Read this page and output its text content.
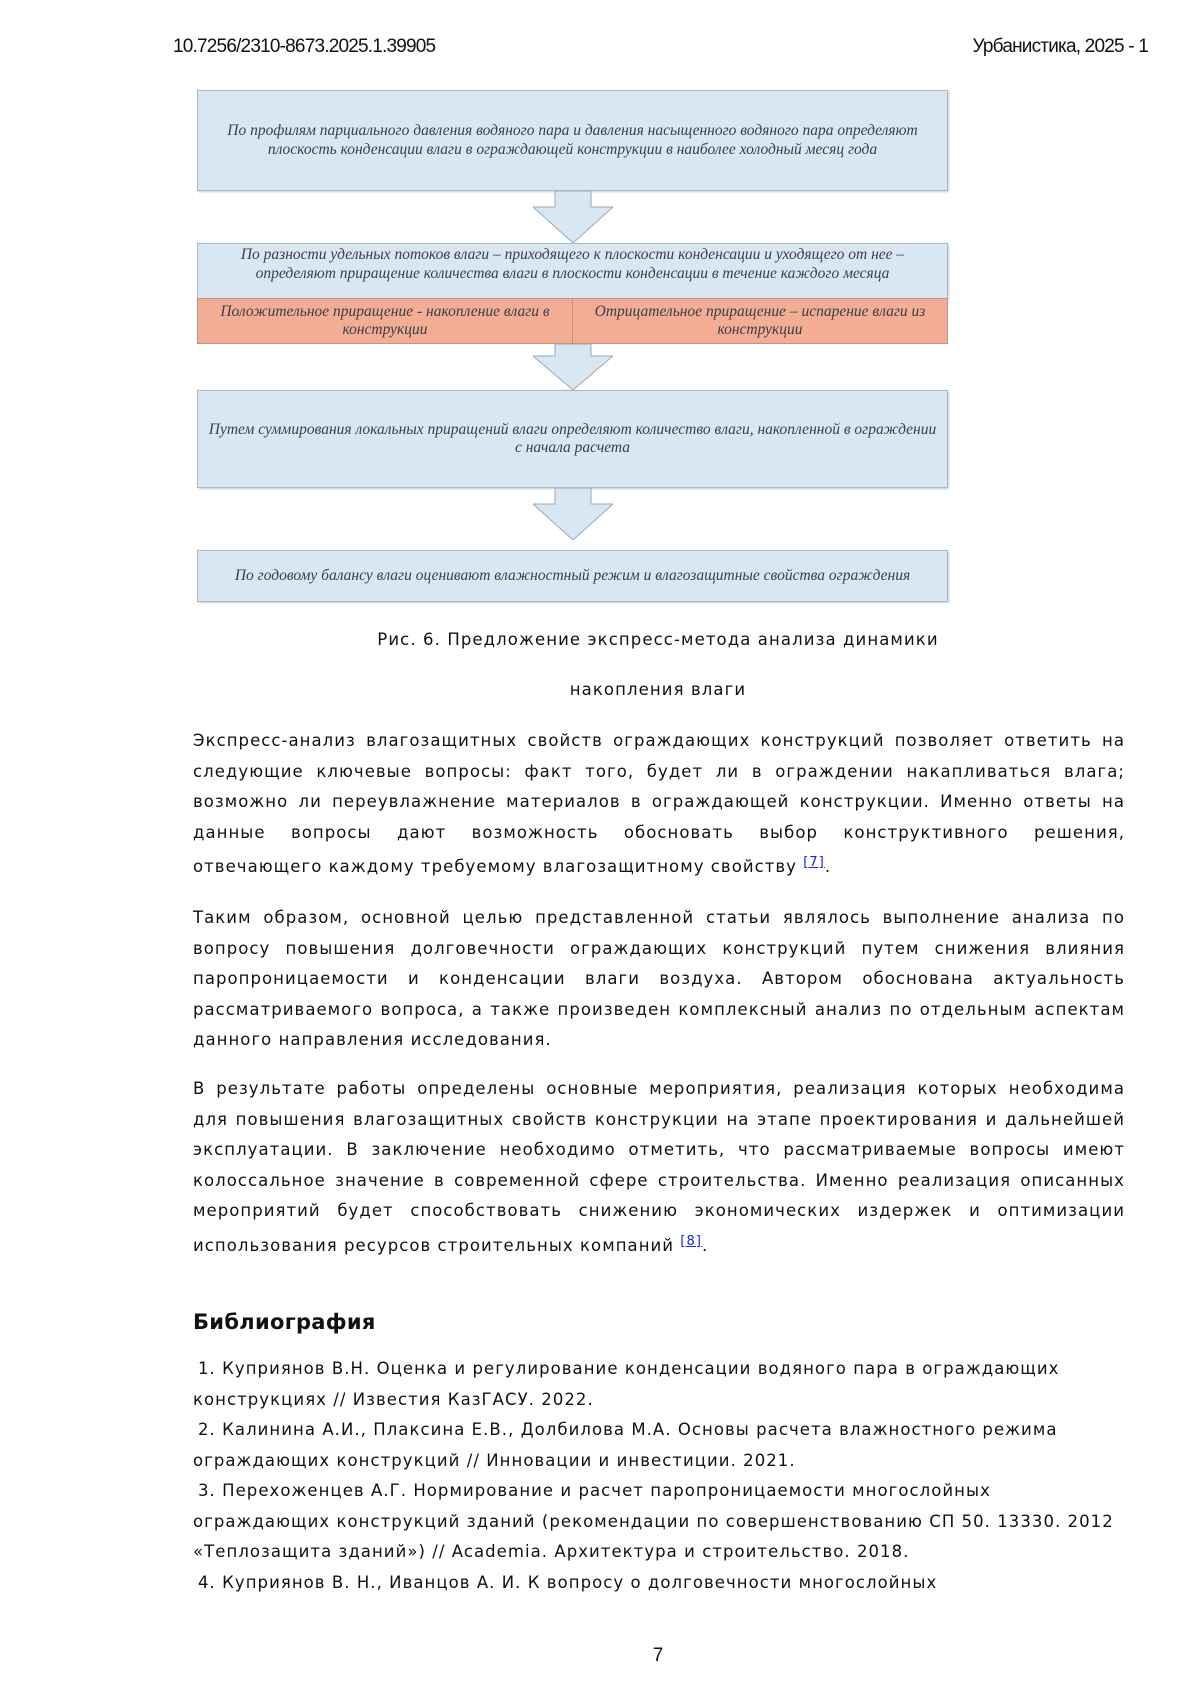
10.7256/2310-8673.2025.1.39905	Урбанистика, 2025 - 1
По профилям парциального давления водяного пара и давления насыщенного водяного пара определяют плоскость конденсации влаги в ограждающей конструкции в наиболее холодный месяц года
По разности удельных потоков влаги – приходящего к плоскости конденсации и уходящего от нее – определяют приращение количества влаги в плоскости конденсации в течение каждого месяца
Положительное приращение - накопление влаги в конструкции
Отрицательное приращение – испарение влаги из конструкции
Путем суммирования локальных приращений влаги определяют количество влаги, накопленной в ограждении с начала расчета
По годовому балансу влаги оценивают влажностный режим и влагозащитные свойства ограждения
Рис. 6. Предложение экспресс-метода анализа динамики
накопления влаги
Экспресс-анализ влагозащитных свойств ограждающих конструкций позволяет ответить на следующие ключевые вопросы: факт того, будет ли в ограждении накапливаться влага; возможно ли переувлажнение материалов в ограждающей конструкции. Именно ответы на данные вопросы дают возможность обосновать выбор конструктивного решения, отвечающего каждому требуемому влагозащитному свойству [7].
Таким образом, основной целью представленной статьи являлось выполнение анализа по вопросу повышения долговечности ограждающих конструкций путем снижения влияния паропроницаемости и конденсации влаги воздуха. Автором обоснована актуальность рассматриваемого вопроса, а также произведен комплексный анализ по отдельным аспектам данного направления исследования.
В результате работы определены основные мероприятия, реализация которых необходима для повышения влагозащитных свойств конструкции на этапе проектирования и дальнейшей эксплуатации. В заключение необходимо отметить, что рассматриваемые вопросы имеют колоссальное значение в современной сфере строительства. Именно реализация описанных мероприятий будет способствовать снижению экономических издержек и оптимизации использования ресурсов строительных компаний [8].
Библиография
1. Куприянов В.Н. Оценка и регулирование конденсации водяного пара в ограждающих конструкциях // Известия КазГАСУ. 2022.
2. Калинина А.И., Плаксина Е.В., Долбилова М.А. Основы расчета влажностного режима ограждающих конструкций // Инновации и инвестиции. 2021.
3. Перехоженцев А.Г. Нормирование и расчет паропроницаемости многослойных ограждающих конструкций зданий (рекомендации по совершенствованию СП 50. 13330. 2012 «Теплозащита зданий») // Academia. Архитектура и строительство. 2018.
4. Куприянов В. Н., Иванцов А. И. К вопросу о долговечности многослойных
7
